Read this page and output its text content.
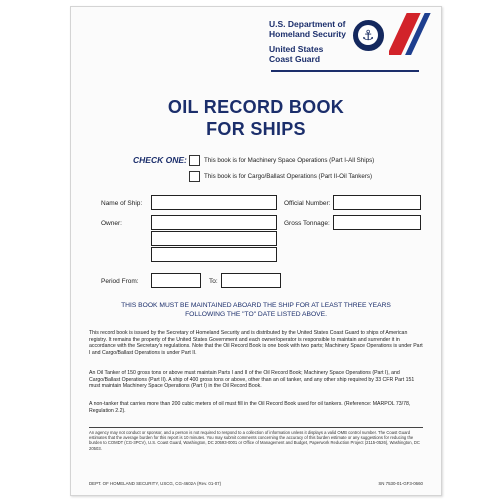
U.S. Department of
Homeland Security
United States
Coast Guard
⚓
OIL RECORD BOOK
FOR SHIPS
CHECK ONE:	This book is for Machinery Space Operations (Part I-All Ships)
This book is for Cargo/Ballast Operations (Part II-Oil Tankers)
Name of Ship:	Official Number:
Owner:	Gross Tonnage:
Period From:	To:
THIS BOOK MUST BE MAINTAINED ABOARD THE SHIP FOR AT LEAST THREE YEARS
FOLLOWING THE "TO" DATE LISTED ABOVE.
This record book is issued by the Secretary of Homeland Security and is distributed by the United States Coast Guard to ships of American registry. It remains the property of the United States Government and each owner/operator is responsible to maintain and surrender it in accordance with the Secretary's regulations. Note that the Oil Record Book is one book with two parts; Machinery Space Operations is under Part I and Cargo/Ballast Operations is under Part II.
An Oil Tanker of 150 gross tons or above must maintain Parts I and II of the Oil Record Book; Machinery Space Operations (Part I), and Cargo/Ballast Operations (Part II). A ship of 400 gross tons or above, other than an oil tanker, and any other ship required by 33 CFR Part 151 must maintain Machinery Space Operations (Part I) in the Oil Record Book.
A non-tanker that carries more than 200 cubic meters of oil must fill in the Oil Record Book used for oil tankers. (Reference: MARPOL 73/78, Regulation 2.2).
An agency may not conduct or sponsor, and a person is not required to respond to a collection of information unless it displays a valid OMB control number. The Coast Guard estimates that the average burden for this report is 10 minutes. You may submit comments concerning the accuracy of this burden estimate or any suggestions for reducing the burden to COMDT (CG-3PCV), U.S. Coast Guard, Washington, DC 20593-0001 or Office of Management and Budget, Paperwork Reduction Project (2115-0526), Washington, DC 20503.
DEPT. OF HOMELAND SECURITY, USCG, CG-4602A (Rev. 01-07)	SN 7530-01-GF3-0660
